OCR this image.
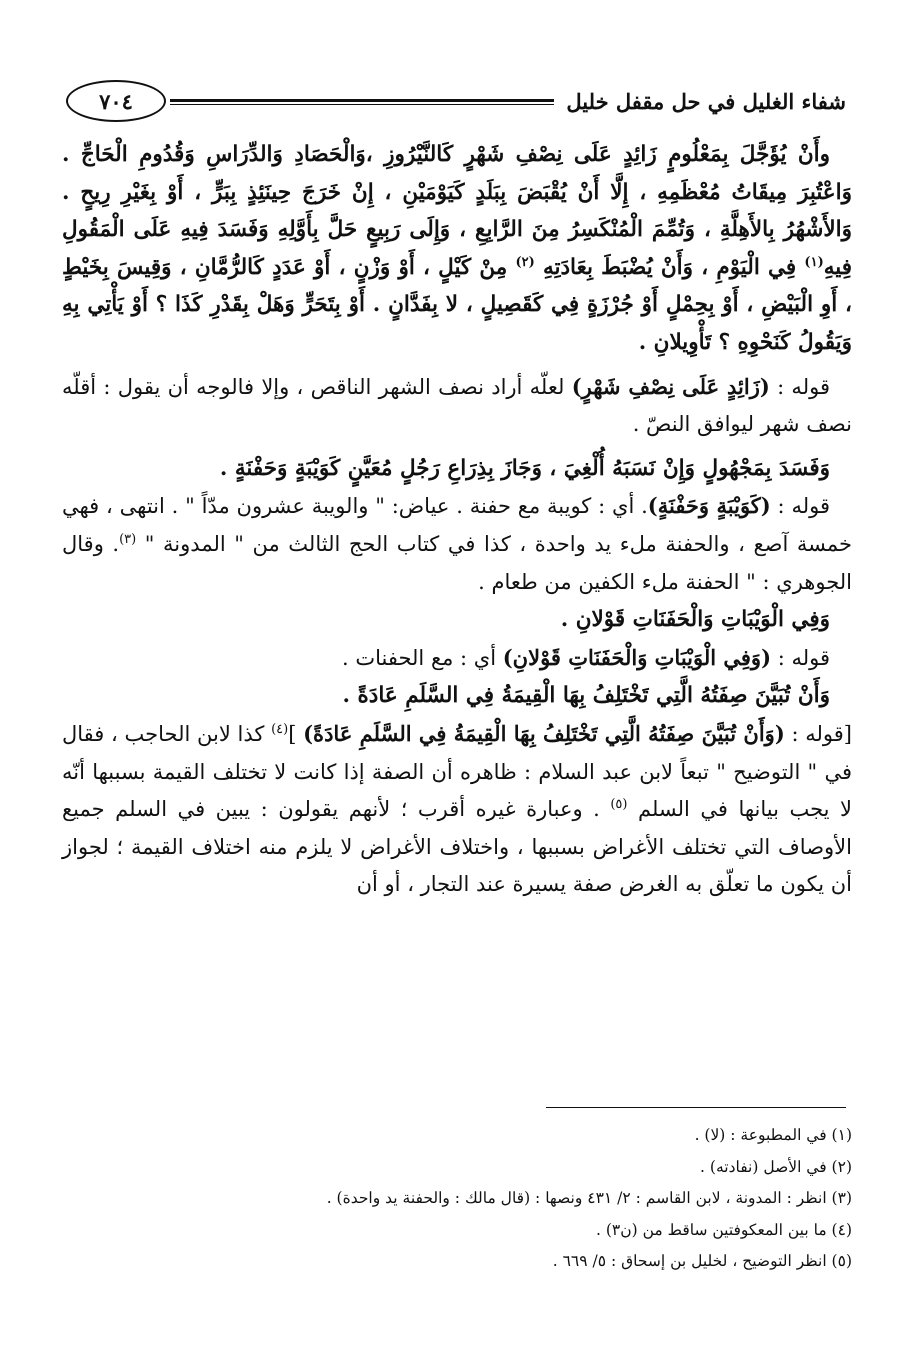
شفاء الغليل في حل مقفل خليل
٧٠٤

وأَنْ يُؤَجَّلَ بِمَعْلُومٍ زَائِدٍ عَلَى نِصْفِ شَهْرٍ كَالنَّيْرُوزِ ،وَالْحَصَادِ وَالدِّرَاسِ وَقُدُومِ الْحَاجِّ . وَاعْتُبِرَ مِيقَاتُ مُعْظَمِهِ ، إِلَّا أَنْ يُقْبَضَ بِبَلَدٍ كَيَوْمَيْنِ ، إِنْ خَرَجَ حِينَئِذٍ بِبَرٍّ ، أَوْ بِغَيْرِ رِيحٍ . وَالأَشْهُرُ بِالأَهِلَّةِ ، وَتُمِّمَ الْمُنْكَسِرُ مِنَ الرَّابِعِ ، وَإِلَى رَبِيعٍ حَلَّ بِأَوَّلِهِ وَفَسَدَ فِيهِ عَلَى الْمَقُولِ فِيهِ$^{(١)}$ فِي الْيَوْمِ ، وَأَنْ يُضْبَطَ بِعَادَتِهِ $^{(٢)}$ مِنْ كَيْلٍ ، أَوْ وَزْنٍ ، أَوْ عَدَدٍ كَالرُّمَّانِ ، وَقِيسَ بِخَيْطٍ ، أَوِ الْبَيْضِ ، أَوْ بِحِمْلٍ أَوْ جُرْزَةٍ فِي كَقَصِيلٍ ، لا بِفَدَّانٍ . أَوْ بِتَحَرٍّ وَهَلْ بِقَدْرِ كَذَا ؟ أَوْ يَأْتِي بِهِ وَيَقُولُ كَنَحْوِهِ ؟ تَأْوِيلانِ .

قوله : (زَائِدٍ عَلَى نِصْفِ شَهْرٍ) لعلّه أراد نصف الشهر الناقص ، وإلا فالوجه أن يقول : أقلّه نصف شهر ليوافق النصّ .

وَفَسَدَ بِمَجْهُولٍ وَإِنْ نَسَبَهُ أُلْغِيَ ، وَجَازَ بِذِرَاعِ رَجُلٍ مُعَيَّنٍ كَوَيْبَةٍ وَحَفْنَةٍ .

قوله : (كَوَيْبَةٍ وَحَفْنَةٍ). أي : كويبة مع حفنة . عياض: " والويبة عشرون مدّاً " . انتهى ، فهي خمسة آصع ، والحفنة ملء يد واحدة ، كذا في كتاب الحج الثالث من " المدونة " $^{(٣)}$. وقال الجوهري : " الحفنة ملء الكفين من طعام .

وَفِي الْوَيْبَاتِ وَالْحَفَنَاتِ قَوْلانِ .

قوله : (وَفِي الْوَيْبَاتِ وَالْحَفَنَاتِ قَوْلانِ) أي : مع الحفنات .

وَأَنْ تُبَيَّنَ صِفَتُهُ الَّتِي تَخْتَلِفُ بِهَا الْقِيمَةُ فِي السَّلَمِ عَادَةً .

[قوله : (وَأَنْ تُبَيَّنَ صِفَتُهُ الَّتِي تَخْتَلِفُ بِهَا الْقِيمَةُ فِي السَّلَمِ عَادَةً) ]$^{(٤)}$ كذا لابن الحاجب ، فقال في " التوضيح " تبعاً لابن عبد السلام : ظاهره أن الصفة إذا كانت لا تختلف القيمة بسببها أنّه لا يجب بيانها في السلم $^{(٥)}$ . وعبارة غيره أقرب ؛ لأنهم يقولون : يبين في السلم جميع الأوصاف التي تختلف الأغراض بسببها ، واختلاف الأغراض لا يلزم منه اختلاف القيمة ؛ لجواز أن يكون ما تعلّق به الغرض صفة يسيرة عند التجار ، أو أن

(١) في المطبوعة : (لا) .

(٢) في الأصل (نفادته) .

(٣) انظر : المدونة ، لابن القاسم : ٢/ ٤٣١ ونصها : (قال مالك : والحفنة يد واحدة) .

(٤) ما بين المعكوفتين ساقط من (ن٣) .

(٥) انظر التوضيح ، لخليل بن إسحاق : ٥/ ٦٦٩ .
